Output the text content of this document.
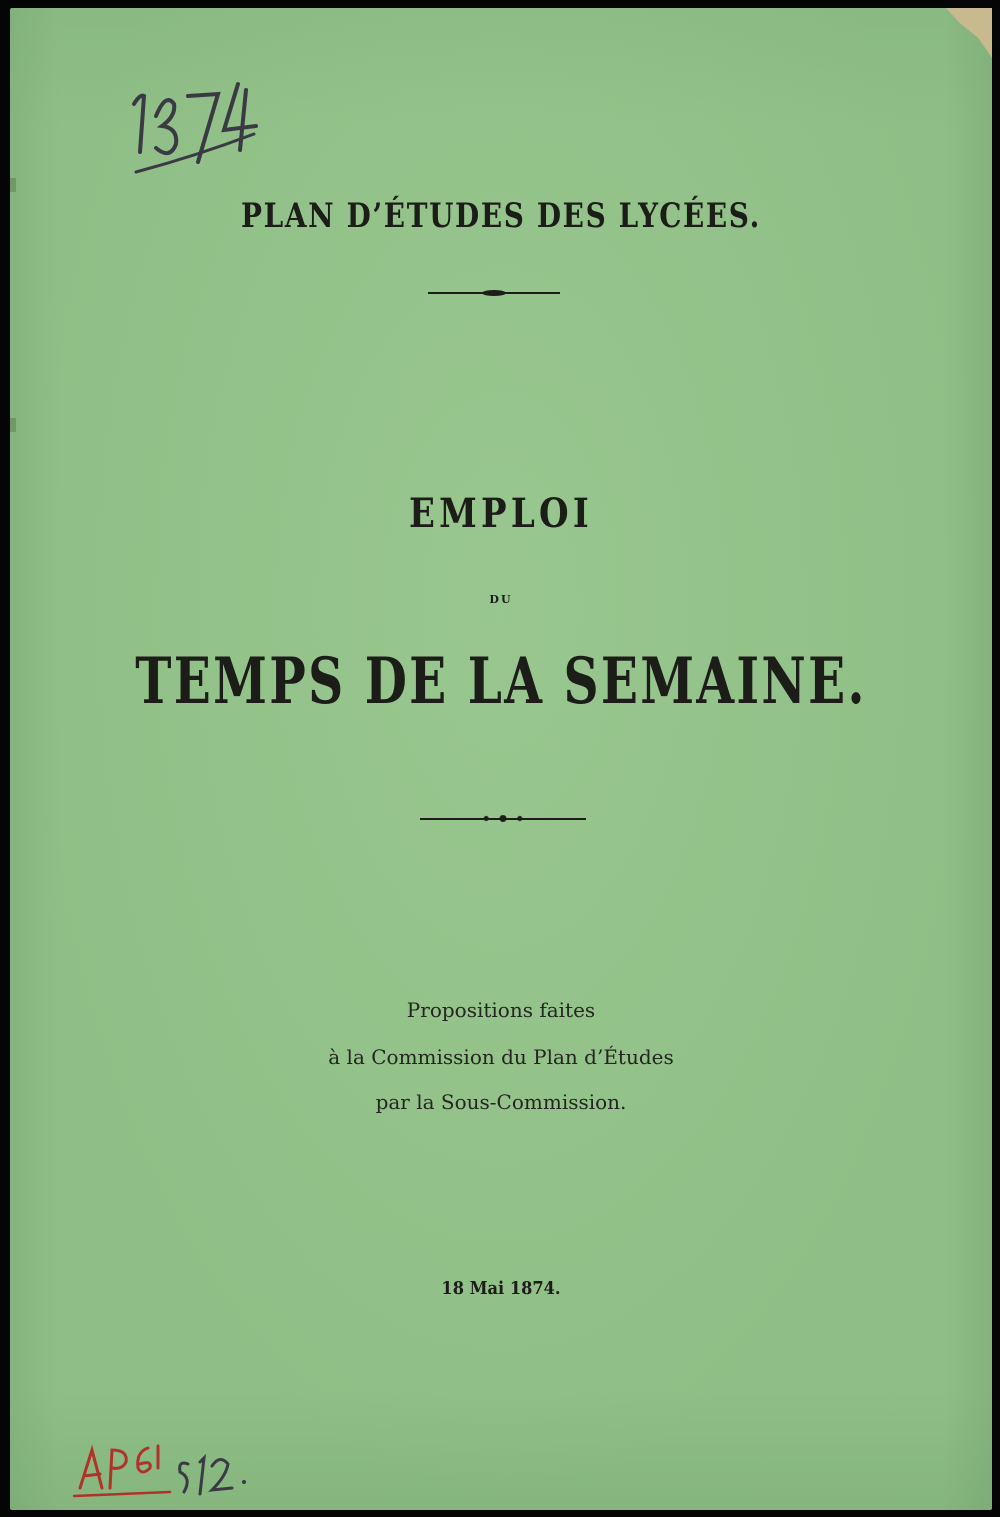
PLAN D’ÉTUDES DES LYCÉES.
EMPLOI
DU
TEMPS DE LA SEMAINE.
Propositions faites
à la Commission du Plan d’Études
par la Sous-Commission.
18 Mai 1874.
